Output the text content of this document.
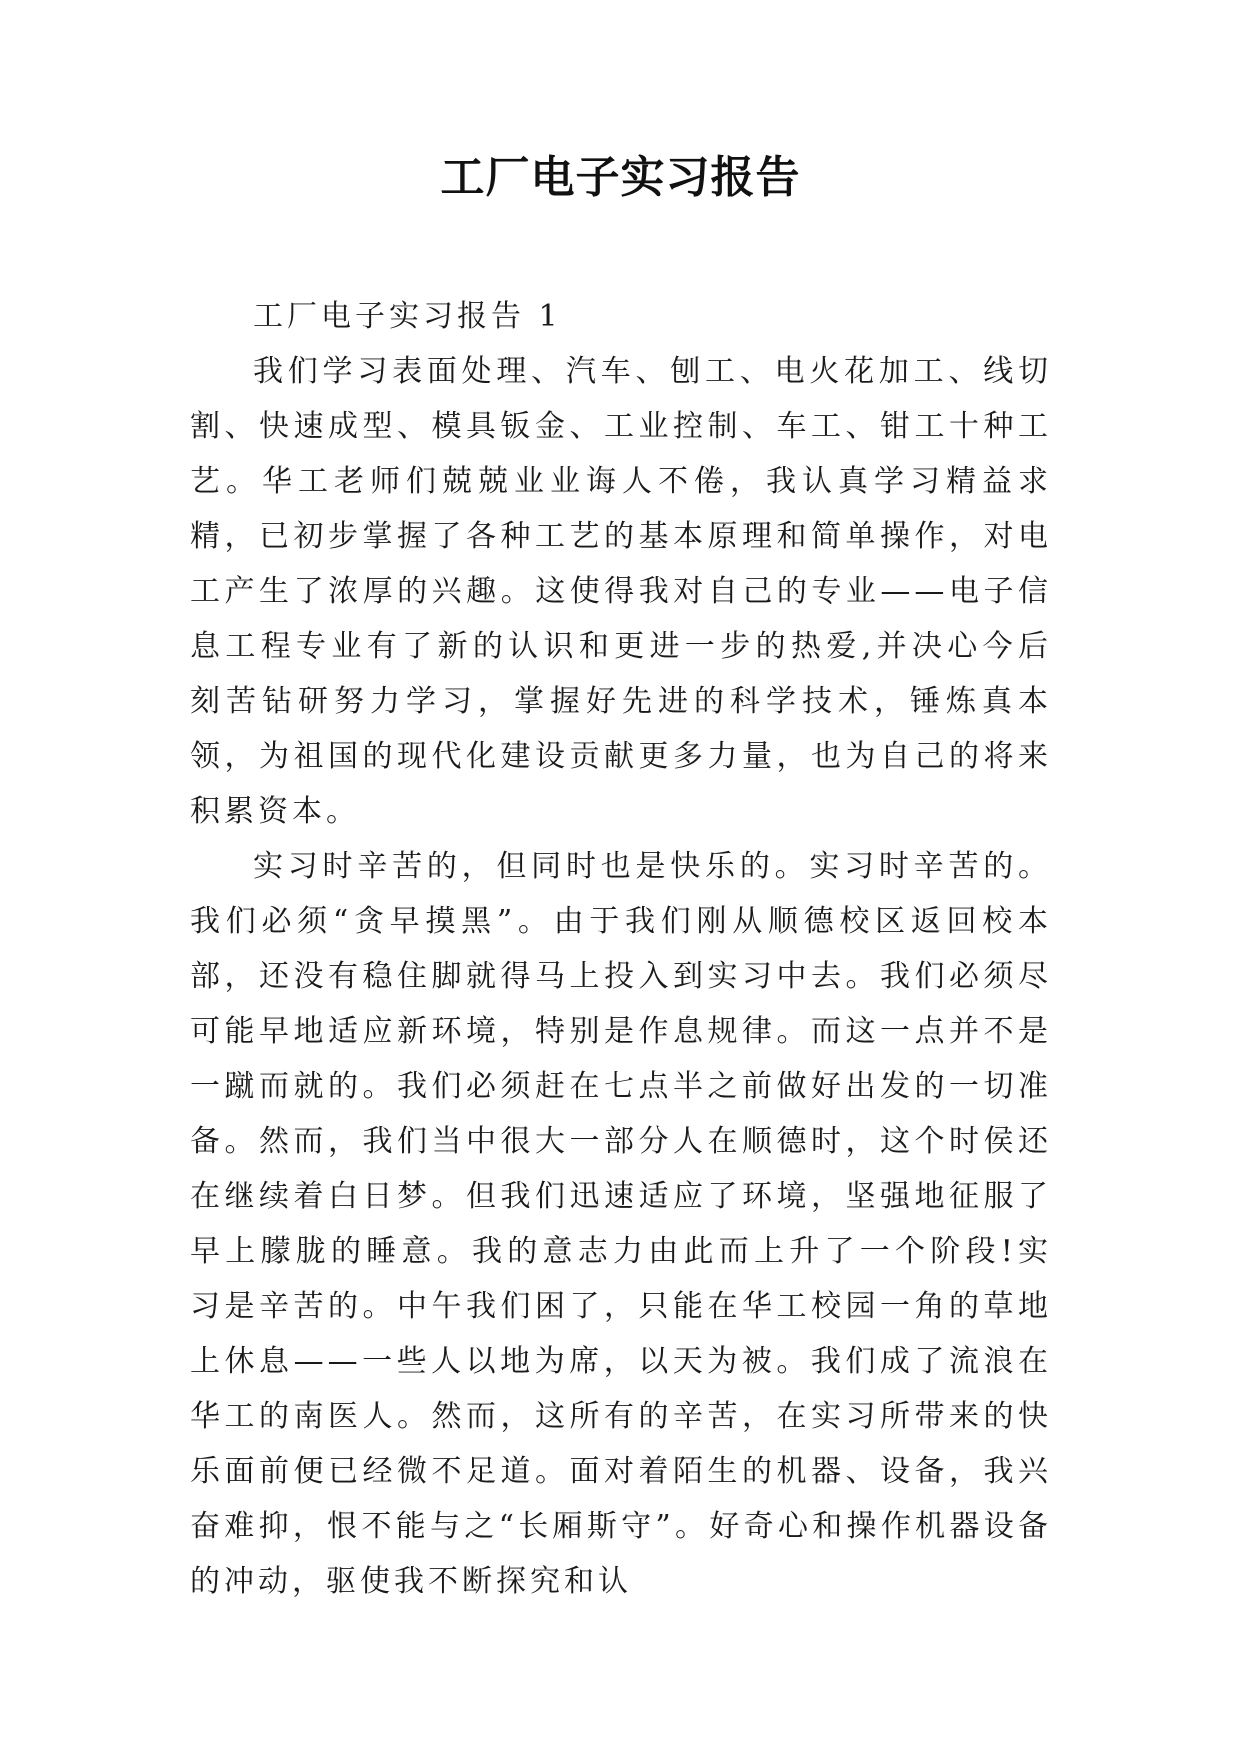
工厂电子实习报告

工厂电子实习报告 1

我们学习表面处理、汽车、刨工、电火花加工、线切割、快速成型、模具钣金、工业控制、车工、钳工十种工艺。华工老师们兢兢业业诲人不倦，我认真学习精益求精，已初步掌握了各种工艺的基本原理和简单操作，对电工产生了浓厚的兴趣。这使得我对自己的专业——电子信息工程专业有了新的认识和更进一步的热爱,并决心今后刻苦钻研努力学习，掌握好先进的科学技术，锤炼真本领，为祖国的现代化建设贡献更多力量，也为自己的将来积累资本。

实习时辛苦的，但同时也是快乐的。实习时辛苦的。我们必须“贪早摸黑”。由于我们刚从顺德校区返回校本部，还没有稳住脚就得马上投入到实习中去。我们必须尽可能早地适应新环境，特别是作息规律。而这一点并不是一蹴而就的。我们必须赶在七点半之前做好出发的一切准备。然而，我们当中很大一部分人在顺德时，这个时侯还在继续着白日梦。但我们迅速适应了环境，坚强地征服了早上朦胧的睡意。我的意志力由此而上升了一个阶段!实习是辛苦的。中午我们困了，只能在华工校园一角的草地上休息——一些人以地为席，以天为被。我们成了流浪在华工的南医人。然而，这所有的辛苦，在实习所带来的快乐面前便已经微不足道。面对着陌生的机器、设备，我兴奋难抑，恨不能与之“长厢斯守”。好奇心和操作机器设备的冲动，驱使我不断探究和认
